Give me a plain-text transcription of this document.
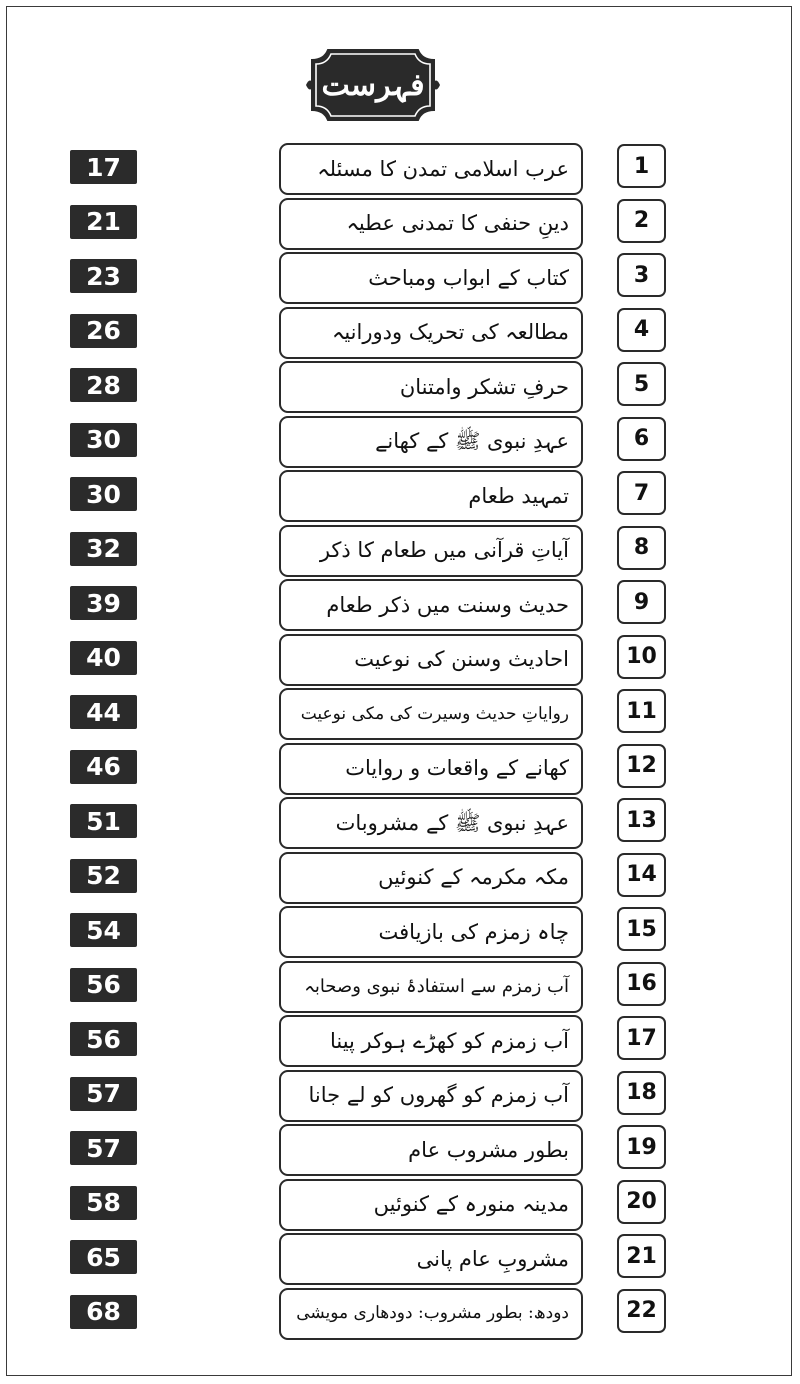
فہرست
17	عرب اسلامی تمدن کا مسئلہ	1
21	دینِ حنفی کا تمدنی عطیہ	2
23	کتاب کے ابواب ومباحث	3
26	مطالعہ کی تحریک ودورانیہ	4
28	حرفِ تشکر وامتنان	5
30	عہدِ نبوی ﷺ کے کھانے	6
30	تمہید طعام	7
32	آیاتِ قرآنی میں طعام کا ذکر	8
39	حدیث وسنت میں ذکر طعام	9
40	احادیث وسنن کی نوعیت	10
44	روایاتِ حدیث وسیرت کی مکی نوعیت	11
46	کھانے کے واقعات و روایات	12
51	عہدِ نبوی ﷺ کے مشروبات	13
52	مکہ مکرمہ کے کنوئیں	14
54	چاہ زمزم کی بازیافت	15
56	آب زمزم سے استفادۂ نبوی وصحابہ	16
56	آب زمزم کو کھڑے ہوکر پینا	17
57	آب زمزم کو گھروں کو لے جانا	18
57	بطور مشروب عام	19
58	مدینہ منورہ کے کنوئیں	20
65	مشروبِ عام پانی	21
68	دودھ: بطور مشروب: دودھاری مویشی	22
